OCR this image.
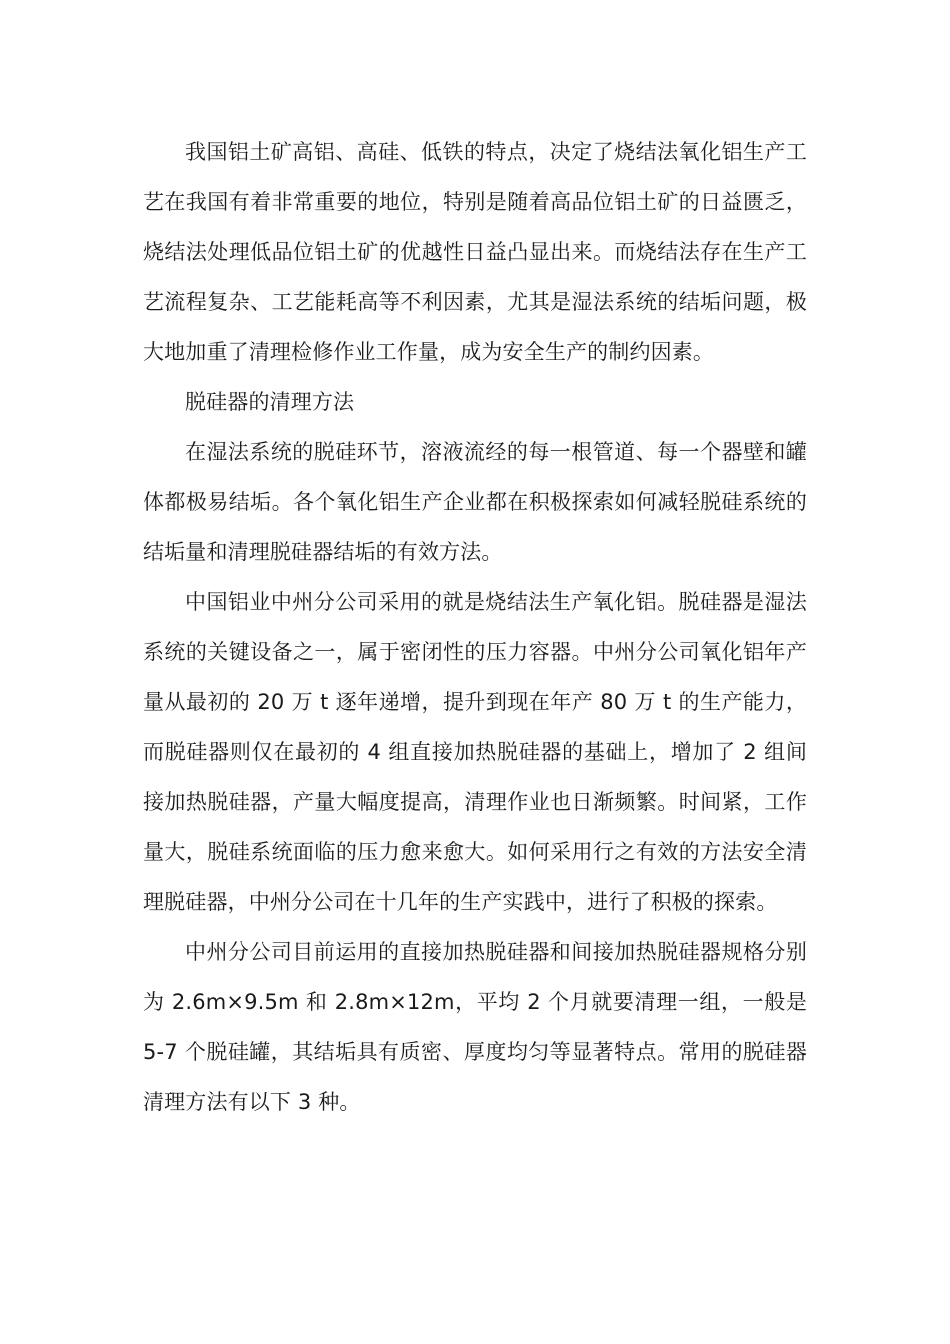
我国铝土矿高铝、高硅、低铁的特点，决定了烧结法氧化铝生产工艺在我国有着非常重要的地位，特别是随着高品位铝土矿的日益匮乏，烧结法处理低品位铝土矿的优越性日益凸显出来。而烧结法存在生产工艺流程复杂、工艺能耗高等不利因素，尤其是湿法系统的结垢问题，极大地加重了清理检修作业工作量，成为安全生产的制约因素。

脱硅器的清理方法

在湿法系统的脱硅环节，溶液流经的每一根管道、每一个器壁和罐体都极易结垢。各个氧化铝生产企业都在积极探索如何减轻脱硅系统的结垢量和清理脱硅器结垢的有效方法。

中国铝业中州分公司采用的就是烧结法生产氧化铝。脱硅器是湿法系统的关键设备之一，属于密闭性的压力容器。中州分公司氧化铝年产量从最初的 20 万 t 逐年递增，提升到现在年产 80 万 t 的生产能力，而脱硅器则仅在最初的 4 组直接加热脱硅器的基础上，增加了 2 组间接加热脱硅器，产量大幅度提高，清理作业也日渐频繁。时间紧，工作量大，脱硅系统面临的压力愈来愈大。如何采用行之有效的方法安全清理脱硅器，中州分公司在十几年的生产实践中，进行了积极的探索。

中州分公司目前运用的直接加热脱硅器和间接加热脱硅器规格分别为 2.6m×9.5m 和 2.8m×12m，平均 2 个月就要清理一组，一般是 5-7 个脱硅罐，其结垢具有质密、厚度均匀等显著特点。常用的脱硅器清理方法有以下 3 种。
